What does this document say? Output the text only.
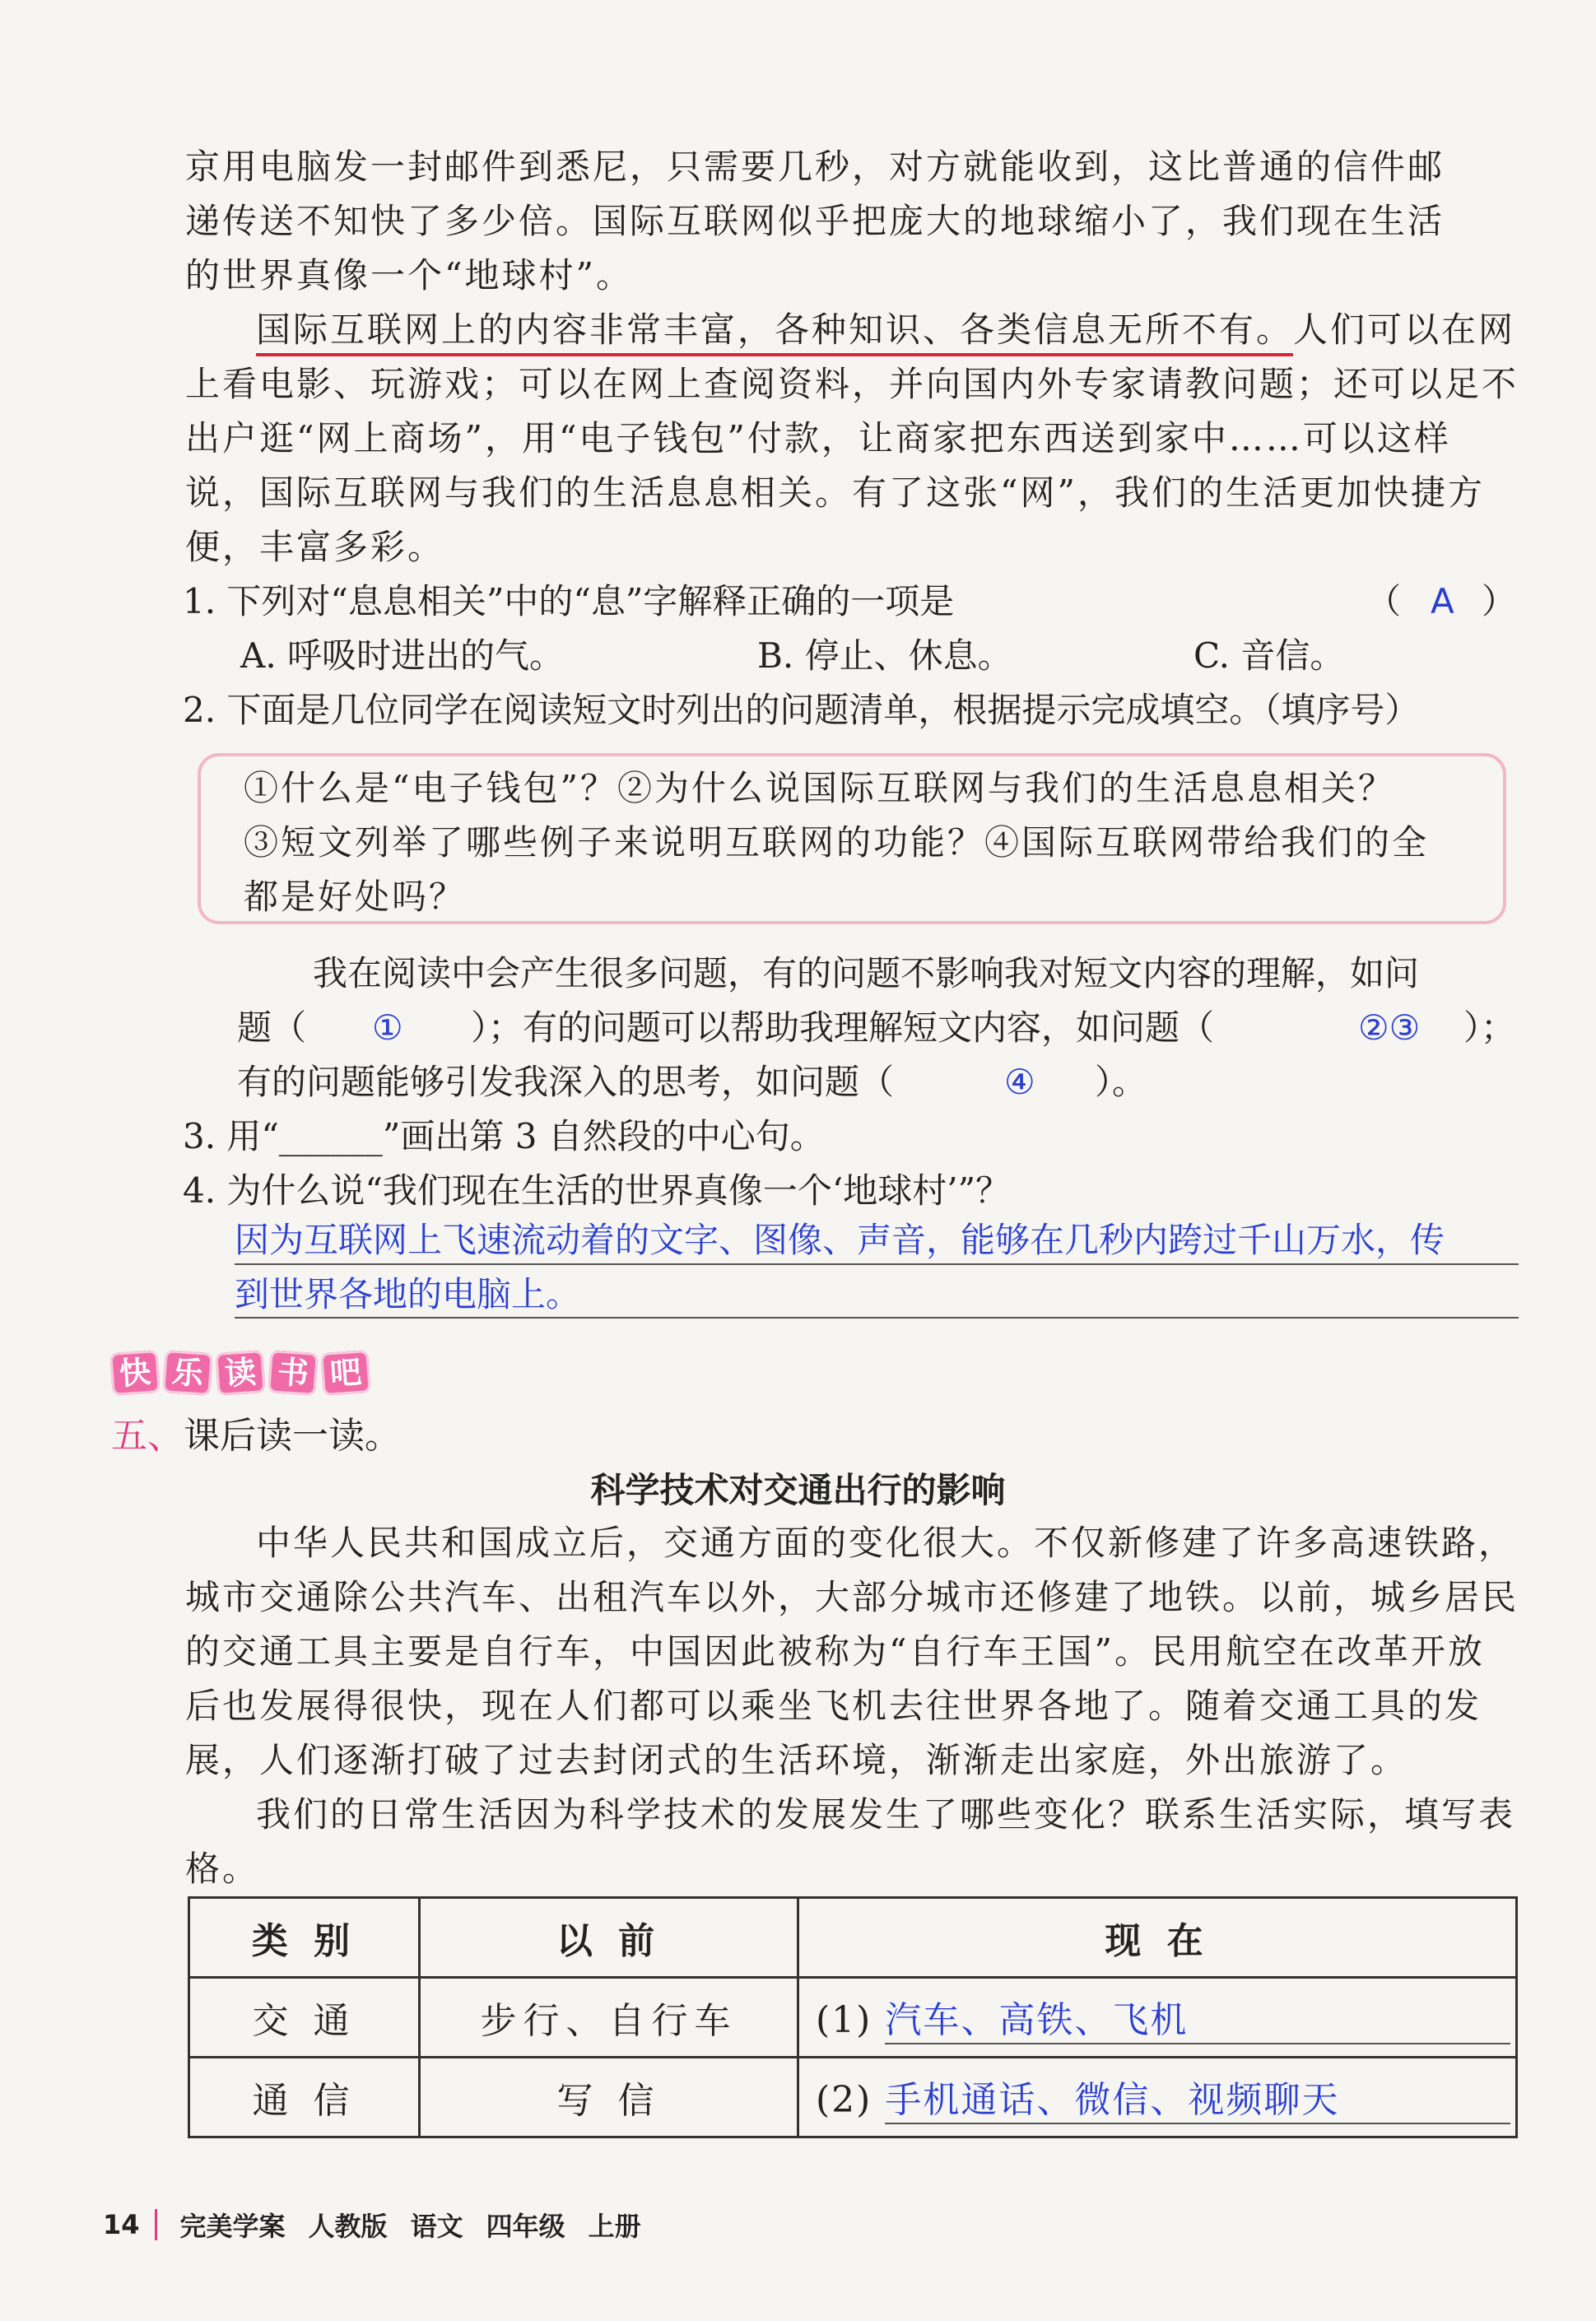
京用电脑发一封邮件到悉尼，只需要几秒，对方就能收到，这比普通的信件邮

递传送不知快了多少倍。国际互联网似乎把庞大的地球缩小了，我们现在生活

的世界真像一个“地球村”。

国际互联网上的内容非常丰富，各种知识、各类信息无所不有。人们可以在网上看电影、玩游戏；可以在网上查阅资料，并向国内外专家请教问题；还可以足不出户逛“网上商场”，用“电子钱包”付款，让商家把东西送到家中……可以这样说，国际互联网与我们的生活息息相关。有了这张“网”，我们的生活更加快捷方便，丰富多彩。

1. 下列对“息息相关”中的“息”字解释正确的一项是	（ A ）

A. 呼吸时进出的气。	B. 停止、休息。	C. 音信。

2. 下面是几位同学在阅读短文时列出的问题清单，根据提示完成填空。（填序号）

①什么是“电子钱包”？②为什么说国际互联网与我们的生活息息相关？

③短文列举了哪些例子来说明互联网的功能？④国际互联网带给我们的全

都是好处吗？

我在阅读中会产生很多问题，有的问题不影响我对短文内容的理解，如问

题（ ① ）；有的问题可以帮助我理解短文内容，如问题（	②③ ）；

有的问题能够引发我深入的思考，如问题（	④ ）。

3. 用“______”画出第 3 自然段的中心句。

4. 为什么说“我们现在生活的世界真像一个‘地球村’”？

因为互联网上飞速流动着的文字、图像、声音，能够在几秒内跨过千山万水，传

到世界各地的电脑上。

快 乐 读 书 吧

五、课后读一读。

科学技术对交通出行的影响

中华人民共和国成立后，交通方面的变化很大。不仅新修建了许多高速铁路，城市交通除公共汽车、出租汽车以外，大部分城市还修建了地铁。以前，城乡居民的交通工具主要是自行车，中国因此被称为“自行车王国”。民用航空在改革开放后也发展得很快，现在人们都可以乘坐飞机去往世界各地了。随着交通工具的发展，人们逐渐打破了过去封闭式的生活环境，渐渐走出家庭，外出旅游了。

我们的日常生活因为科学技术的发展发生了哪些变化？联系生活实际，填写表格。

类 别	以 前	现 在
交 通	步行、自行车	(1) 汽车、高铁、飞机
通 信	写 信	(2) 手机通话、微信、视频聊天
14	完美学案 人教版 语文 四年级 上册
